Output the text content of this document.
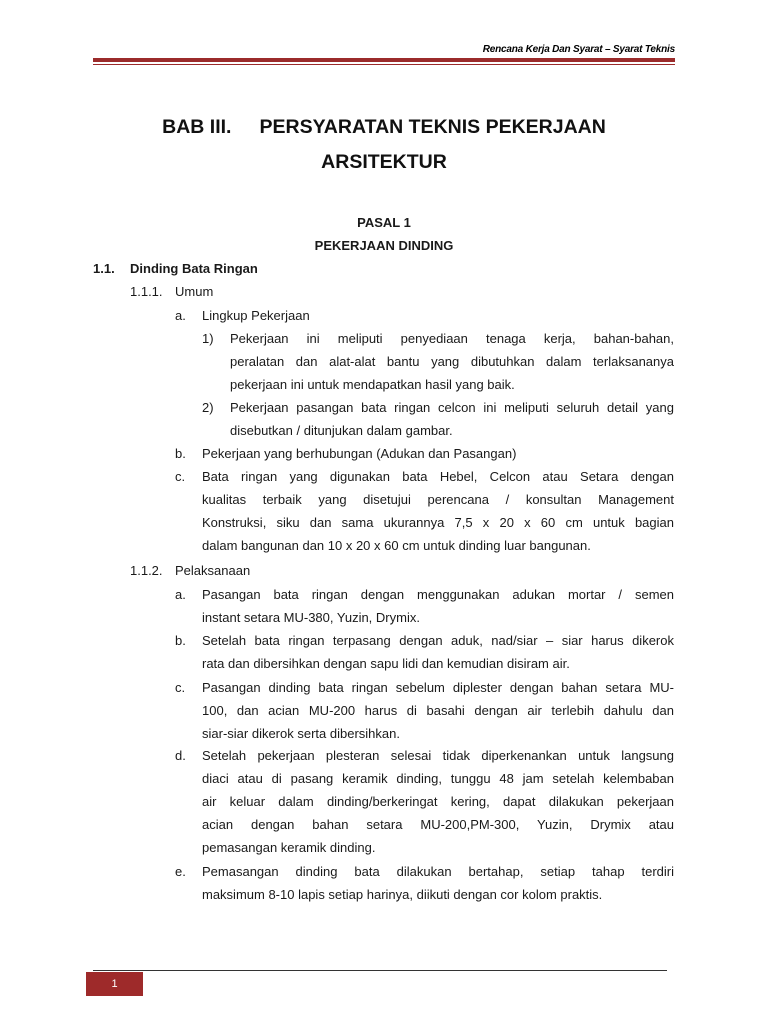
Rencana Kerja Dan Syarat – Syarat Teknis
BAB III. PERSYARATAN TEKNIS PEKERJAAN
ARSITEKTUR
PASAL 1
PEKERJAAN DINDING
1.1. Dinding Bata Ringan
1.1.1. Umum
a. Lingkup Pekerjaan
1) Pekerjaan ini meliputi penyediaan tenaga kerja, bahan-bahan,
peralatan dan alat-alat bantu yang dibutuhkan dalam terlaksananya
pekerjaan ini untuk mendapatkan hasil yang baik.
2) Pekerjaan pasangan bata ringan celcon ini meliputi seluruh detail yang
disebutkan / ditunjukan dalam gambar.
b. Pekerjaan yang berhubungan (Adukan dan Pasangan)
c. Bata ringan yang digunakan bata Hebel, Celcon atau Setara dengan
kualitas terbaik yang disetujui perencana / konsultan Management
Konstruksi, siku dan sama ukurannya 7,5 x 20 x 60 cm untuk bagian
dalam bangunan dan 10 x 20 x 60 cm untuk dinding luar bangunan.
1.1.2. Pelaksanaan
a. Pasangan bata ringan dengan menggunakan adukan mortar / semen
instant setara MU-380, Yuzin, Drymix.
b. Setelah bata ringan terpasang dengan aduk, nad/siar – siar harus dikerok
rata dan dibersihkan dengan sapu lidi dan kemudian disiram air.
c. Pasangan dinding bata ringan sebelum diplester dengan bahan setara MU-
100, dan acian MU-200 harus di basahi dengan air terlebih dahulu dan
siar-siar dikerok serta dibersihkan.
d. Setelah pekerjaan plesteran selesai tidak diperkenankan untuk langsung
diaci atau di pasang keramik dinding, tunggu 48 jam setelah kelembaban
air keluar dalam dinding/berkeringat kering, dapat dilakukan pekerjaan
acian dengan bahan setara MU-200,PM-300, Yuzin, Drymix atau
pemasangan keramik dinding.
e. Pemasangan dinding bata dilakukan bertahap, setiap tahap terdiri
maksimum 8-10 lapis setiap harinya, diikuti dengan cor kolom praktis.
1
